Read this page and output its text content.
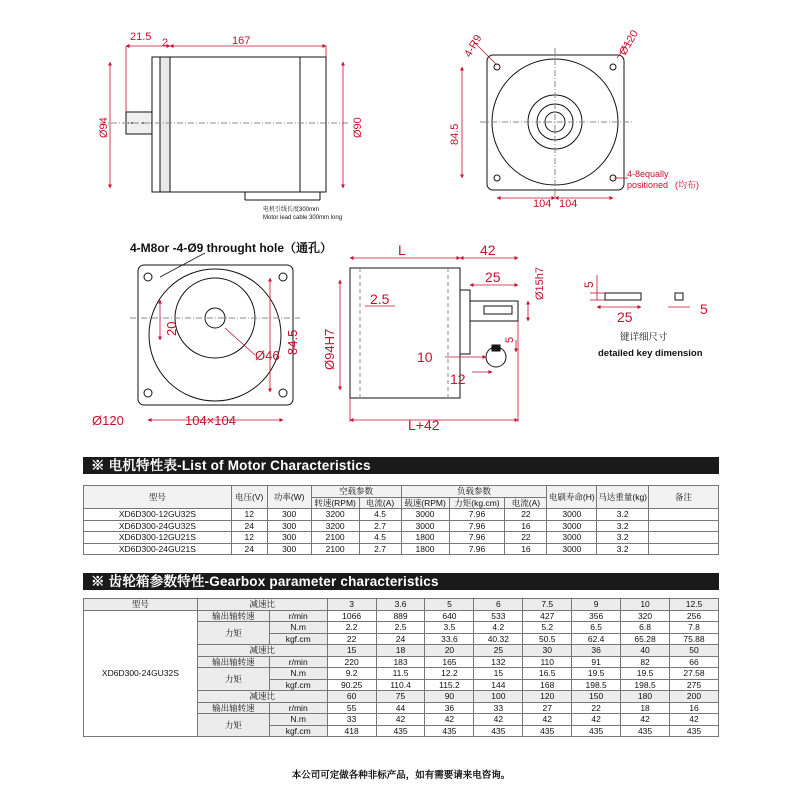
21.5 2	167
Ø94	Ø90
电机引线长度300mm
Motor lead cable 300mm long
4-R9	Ø120
84.5
104 104
4-8equally
positioned (均布)
4-M8or -4-Ø9 throught hole（通孔）
20
84.5
Ø46
Ø120	104×104
L	42
25	Ø15h7
Ø94H7
2.5
10
12
5
L+42
5
25	5
键详细尺寸
detailed key dimension
※ 电机特性表-List of Motor Characteristics
型号	电压(V)	功率(W)	空载参数		负载参数			电刷寿命(H)	马达重量(kg)	备注
			转速(RPM)	电流(A)	载速(RPM)	力矩(kg.cm)	电流(A)			
XD6D300-12GU32S	12	300	3200	4.5	3000	7.96	22	3000	3.2	
XD6D300-24GU32S	24	300	3200	2.7	3000	7.96	16	3000	3.2	
XD6D300-12GU21S	12	300	2100	4.5	1800	7.96	22	3000	3.2	
XD6D300-24GU21S	24	300	2100	2.7	1800	7.96	16	3000	3.2	
※ 齿轮箱参数特性-Gearbox parameter characteristics
型号	减速比		3	3.6	5	6	7.5	9	10	12.5
XD6D300-24GU32S	输出轴转速	r/min	1066	889	640	533	427	356	320	256
	力矩	N.m	2.2	2.5	3.5	4.2	5.2	6.5	6.8	7.8
		kgf.cm	22	24	33.6	40.32	50.5	62.4	65.28	75.88
	减速比		15	18	20	25	30	36	40	50
	输出轴转速	r/min	220	183	165	132	110	91	82	66
	力矩	N.m	9.2	11.5	12.2	15	16.5	19.5	19.5	27.58
		kgf.cm	90.25	110.4	115.2	144	168	198.5	198.5	275
	减速比		60	75	90	100	120	150	180	200
	输出轴转速	r/min	55	44	36	33	27	22	18	16
	力矩	N.m	33	42	42	42	42	42	42	42
		kgf.cm	418	435	435	435	435	435	435	435
本公司可定做各种非标产品，如有需要请来电咨询。
